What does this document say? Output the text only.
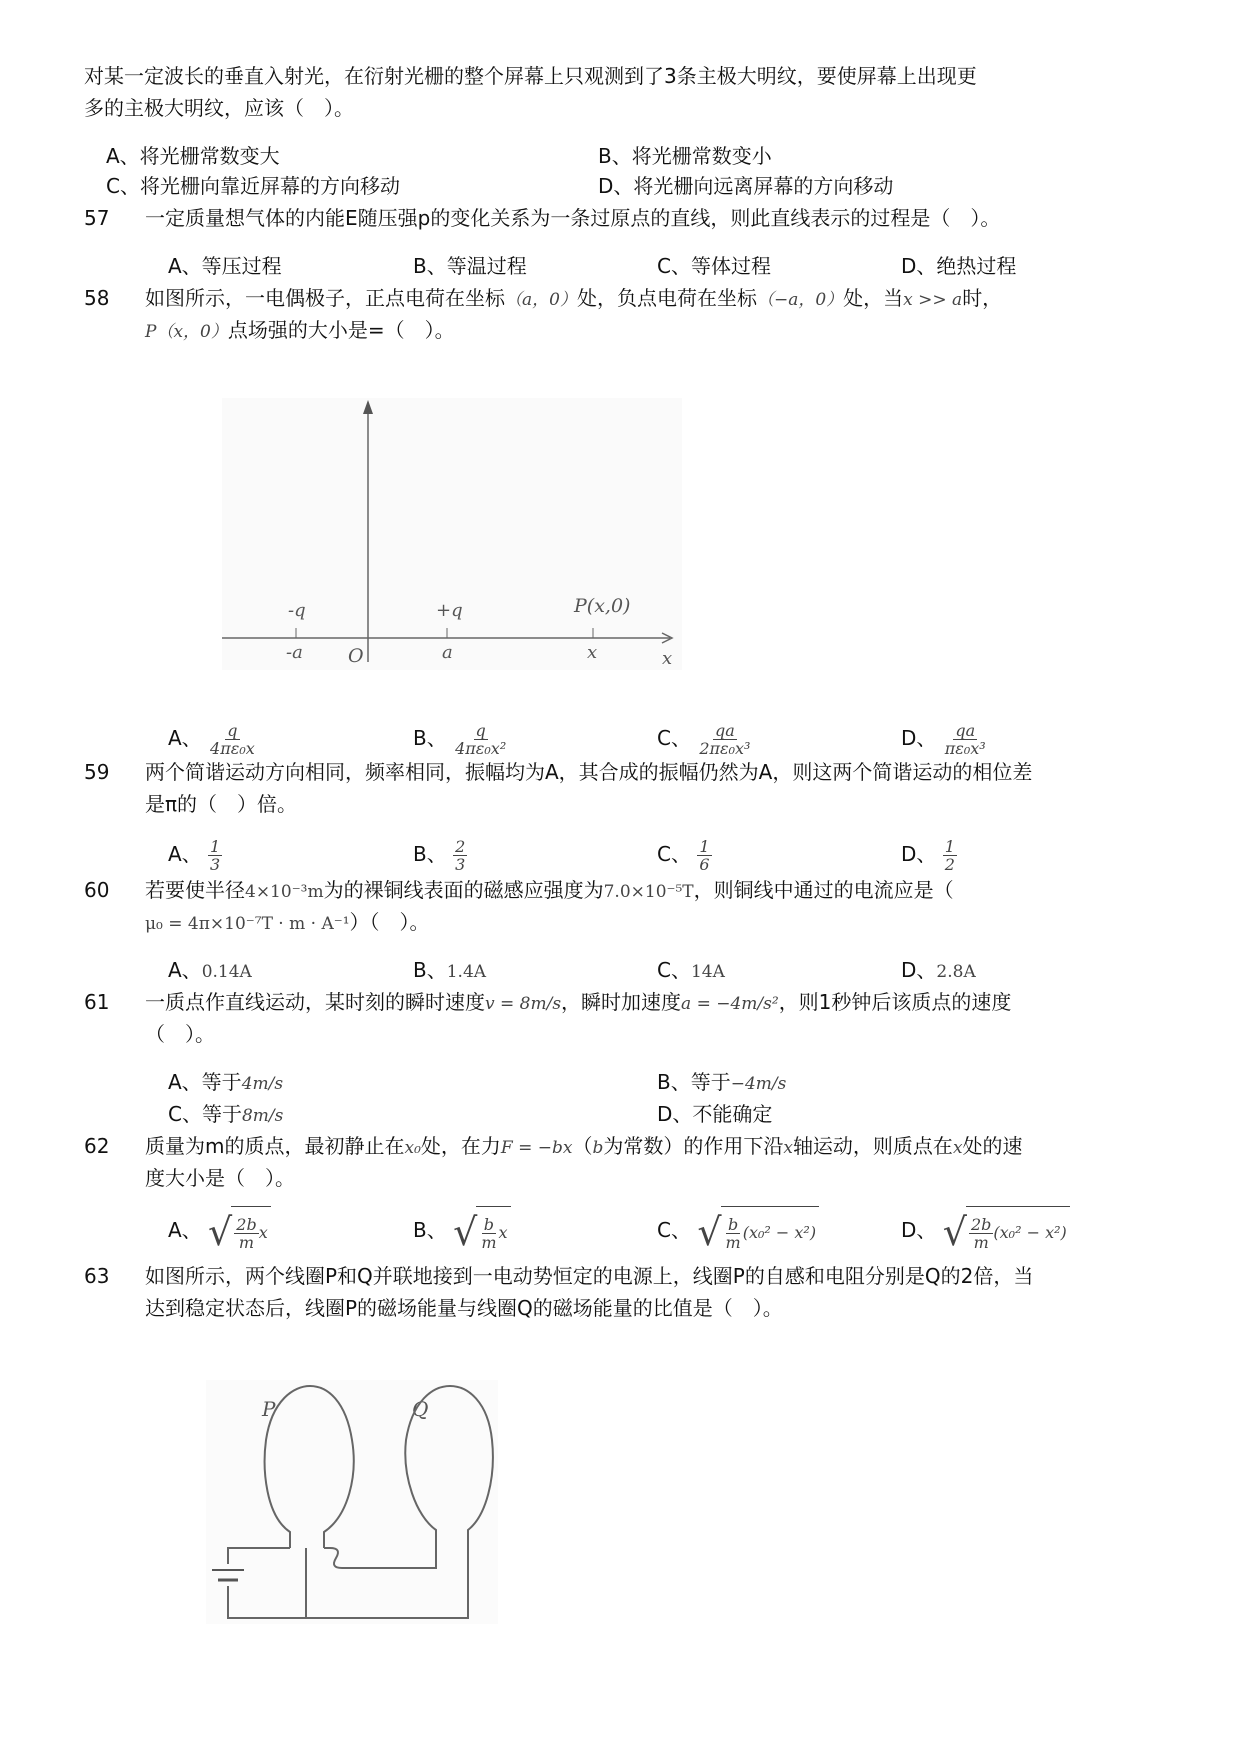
对某一定波长的垂直入射光，在衍射光栅的整个屏幕上只观测到了3条主极大明纹，要使屏幕上出现更
多的主极大明纹，应该（　）。
A、将光栅常数变大	B、将光栅常数变小
C、将光栅向靠近屏幕的方向移动	D、将光栅向远离屏幕的方向移动
57	一定质量想气体的内能E随压强p的变化关系为一条过原点的直线，则此直线表示的过程是（　）。
A、等压过程	B、等温过程	C、等体过程	D、绝热过程
58	如图所示，一电偶极子，正点电荷在坐标（a，0）处，负点电荷在坐标（−a，0）处，当x >> a时，
P（x，0）点场强的大小是=（　）。
-q
-a O
+q
a
P(x,0)
x	x
A、 $\frac{q}{\text{4πε₀x}}$	B、 $\frac{q}{\text{4πε₀x²}}$	C、 $\frac{qa}{\text{2πε₀x³}}$	D、 $\frac{qa}{\text{πε₀x³}}$
59	两个简谐运动方向相同，频率相同，振幅均为A，其合成的振幅仍然为A，则这两个简谐运动的相位差
是π的（　）倍。
A、 $\frac{1}{3}$	B、 $\frac{2}{3}$	C、 $\frac{1}{6}$	D、 $\frac{1}{2}$
60	若要使半径4×10⁻³m为的裸铜线表面的磁感应强度为7.0×10⁻⁵T，则铜线中通过的电流应是（
μ₀ = 4π×10⁻⁷T · m · A⁻¹）（　）。
A、0.14A	B、1.4A	C、14A	D、2.8A
61	一质点作直线运动，某时刻的瞬时速度v = 8m/s，瞬时加速度a = −4m/s²，则1秒钟后该质点的速度
（　）。
A、等于4m/s	B、等于−4m/s
C、等于8m/s	D、不能确定
62	质量为m的质点，最初静止在x₀处，在力F = −bx（b为常数）的作用下沿x轴运动，则质点在x处的速
度大小是（　）。
A、 √ $\frac{2b}{m}$ x	B、 √ $\frac{b}{m}$ x	C、 √ $\frac{b}{m} (x_0^2 - x^2)$	D、 √ $\frac{2b}{m} (x_0^2 - x^2)$
63	如图所示，两个线圈P和Q并联地接到一电动势恒定的电源上，线圈P的自感和电阻分别是Q的2倍，当
达到稳定状态后，线圈P的磁场能量与线圈Q的磁场能量的比值是（　）。
P	Q
